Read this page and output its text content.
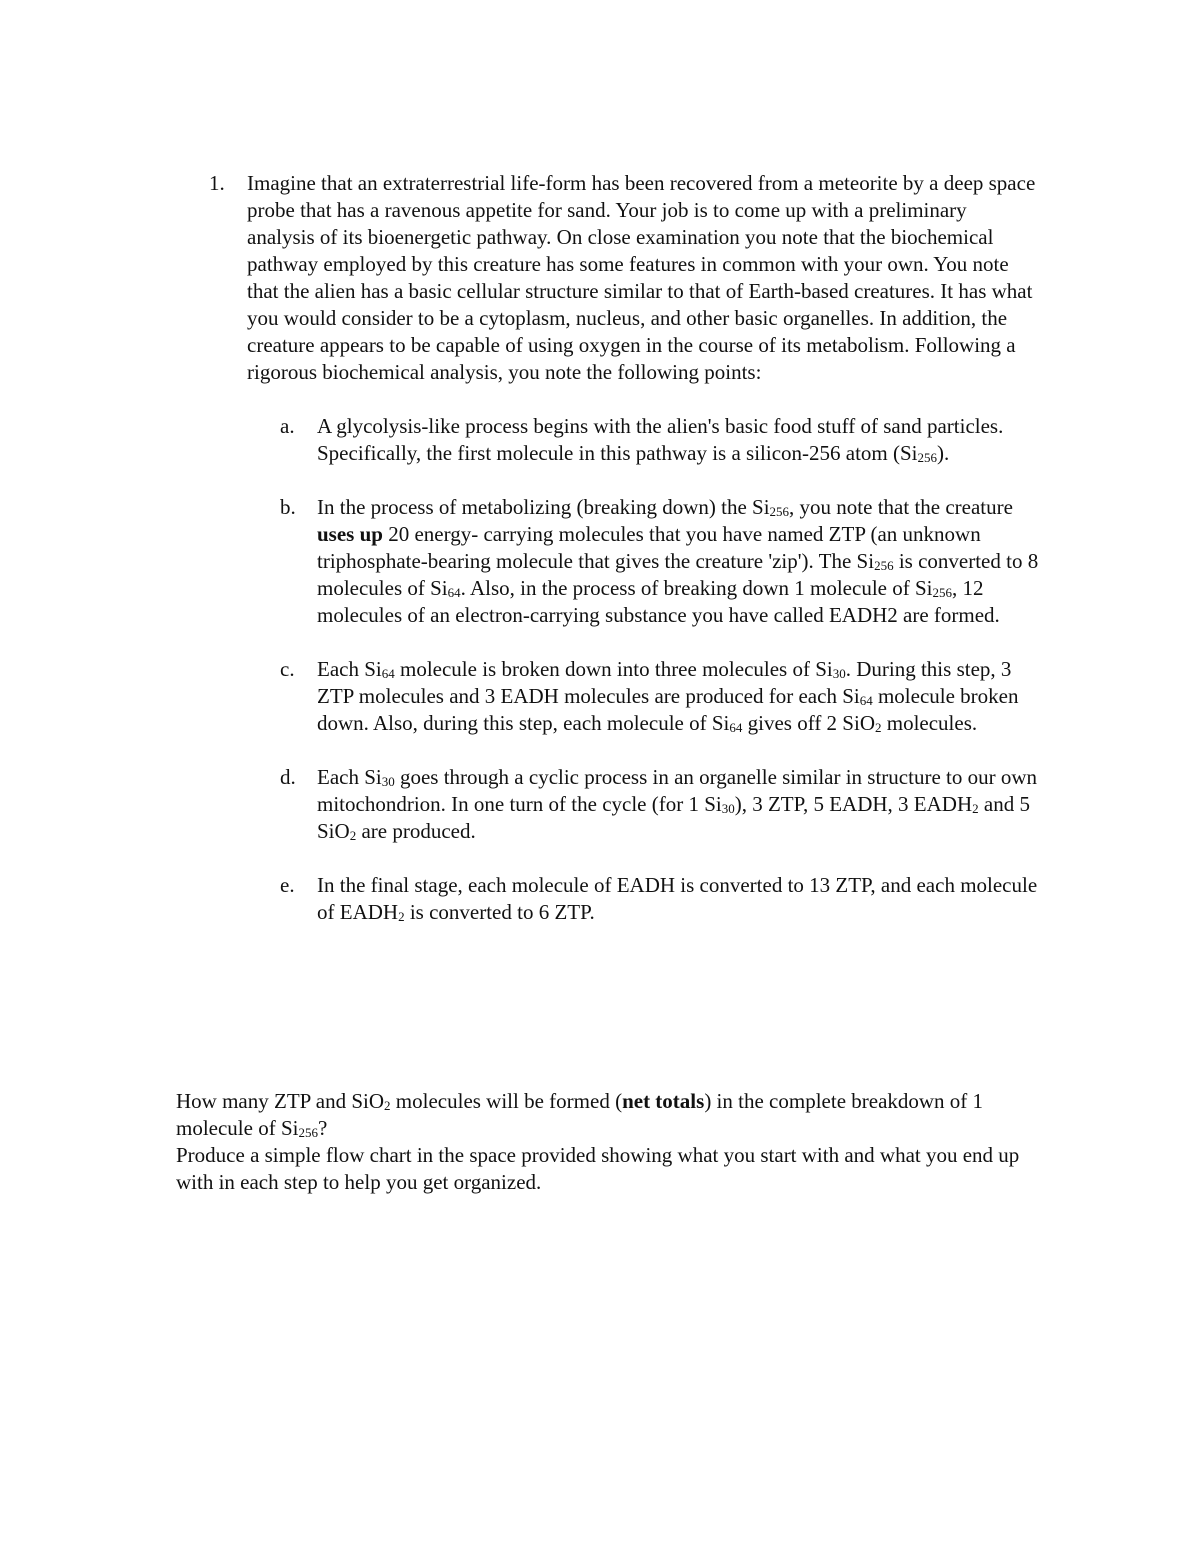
1. Imagine that an extraterrestrial life-form has been recovered from a meteorite by a deep space probe that has a ravenous appetite for sand. Your job is to come up with a preliminary analysis of its bioenergetic pathway. On close examination you note that the biochemical pathway employed by this creature has some features in common with your own. You note that the alien has a basic cellular structure similar to that of Earth-based creatures. It has what you would consider to be a cytoplasm, nucleus, and other basic organelles. In addition, the creature appears to be capable of using oxygen in the course of its metabolism. Following a rigorous biochemical analysis, you note the following points:
a. A glycolysis-like process begins with the alien's basic food stuff of sand particles. Specifically, the first molecule in this pathway is a silicon-256 atom $(Si_{256})$.
b. In the process of metabolizing (breaking down) the $Si_{256}$, you note that the creature uses up 20 energy- carrying molecules that you have named ZTP (an unknown triphosphate-bearing molecule that gives the creature 'zip'). The $Si_{256}$ is converted to 8 molecules of $Si_{64}$. Also, in the process of breaking down 1 molecule of $Si_{256}$, 12 molecules of an electron-carrying substance you have called EADH2 are formed.
c. Each $Si_{64}$ molecule is broken down into three molecules of $Si_{30}$. During this step, 3 ZTP molecules and 3 EADH molecules are produced for each $Si_{64}$ molecule broken down. Also, during this step, each molecule of $Si_{64}$ gives off 2 SiO$_2$ molecules.
d. Each $Si_{30}$ goes through a cyclic process in an organelle similar in structure to our own mitochondrion. In one turn of the cycle (for 1 $Si_{30}$), 3 ZTP, 5 EADH, 3 $EADH_2$ and 5 SiO$_2$ are produced.
e. In the final stage, each molecule of EADH is converted to 13 ZTP, and each molecule of $EADH_2$ is converted to 6 ZTP.

How many ZTP and SiO$_2$ molecules will be formed (net totals) in the complete breakdown of 1 molecule of $Si_{256}$?

Produce a simple flow chart in the space provided showing what you start with and what you end up with in each step to help you get organized.
